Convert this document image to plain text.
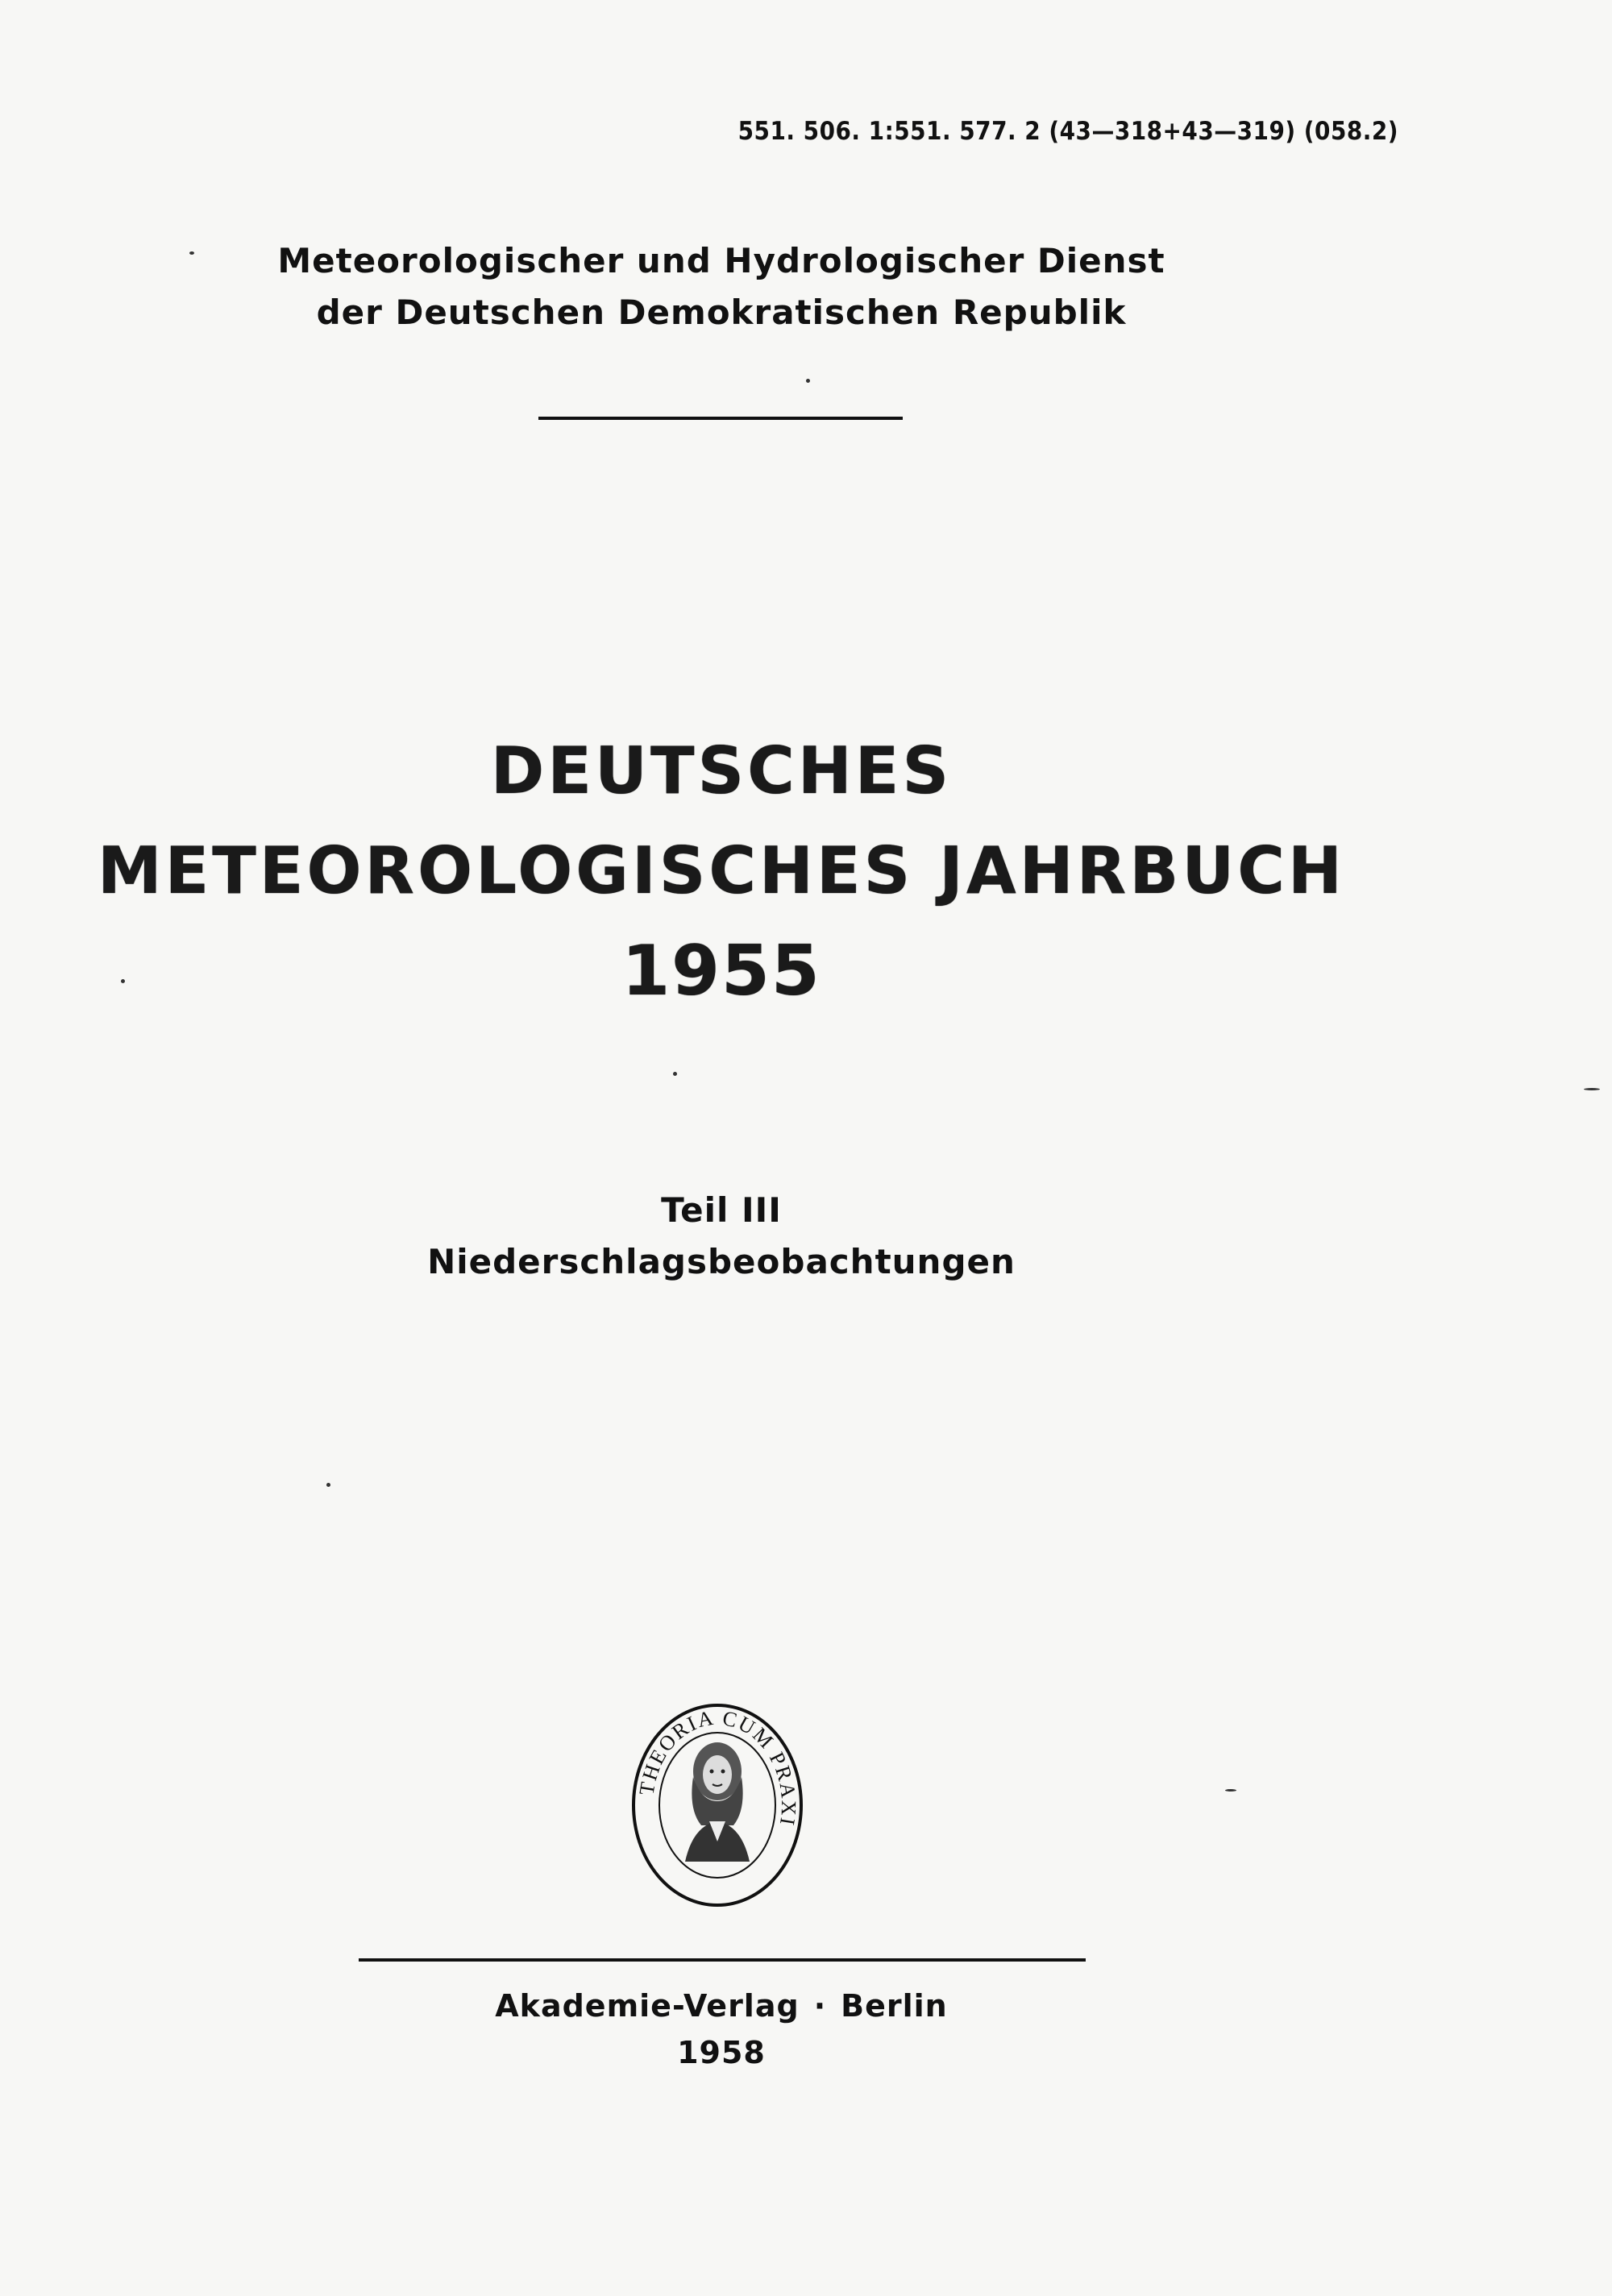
551. 506. 1:551. 577. 2 (43—318+43—319) (058.2)
Meteorologischer und Hydrologischer Dienst
der Deutschen Demokratischen Republik
DEUTSCHES
METEOROLOGISCHES JAHRBUCH
1955
Teil III
Niederschlagsbeobachtungen
THEORIA CUM PRAXI
Akademie-Verlag · Berlin
1958
